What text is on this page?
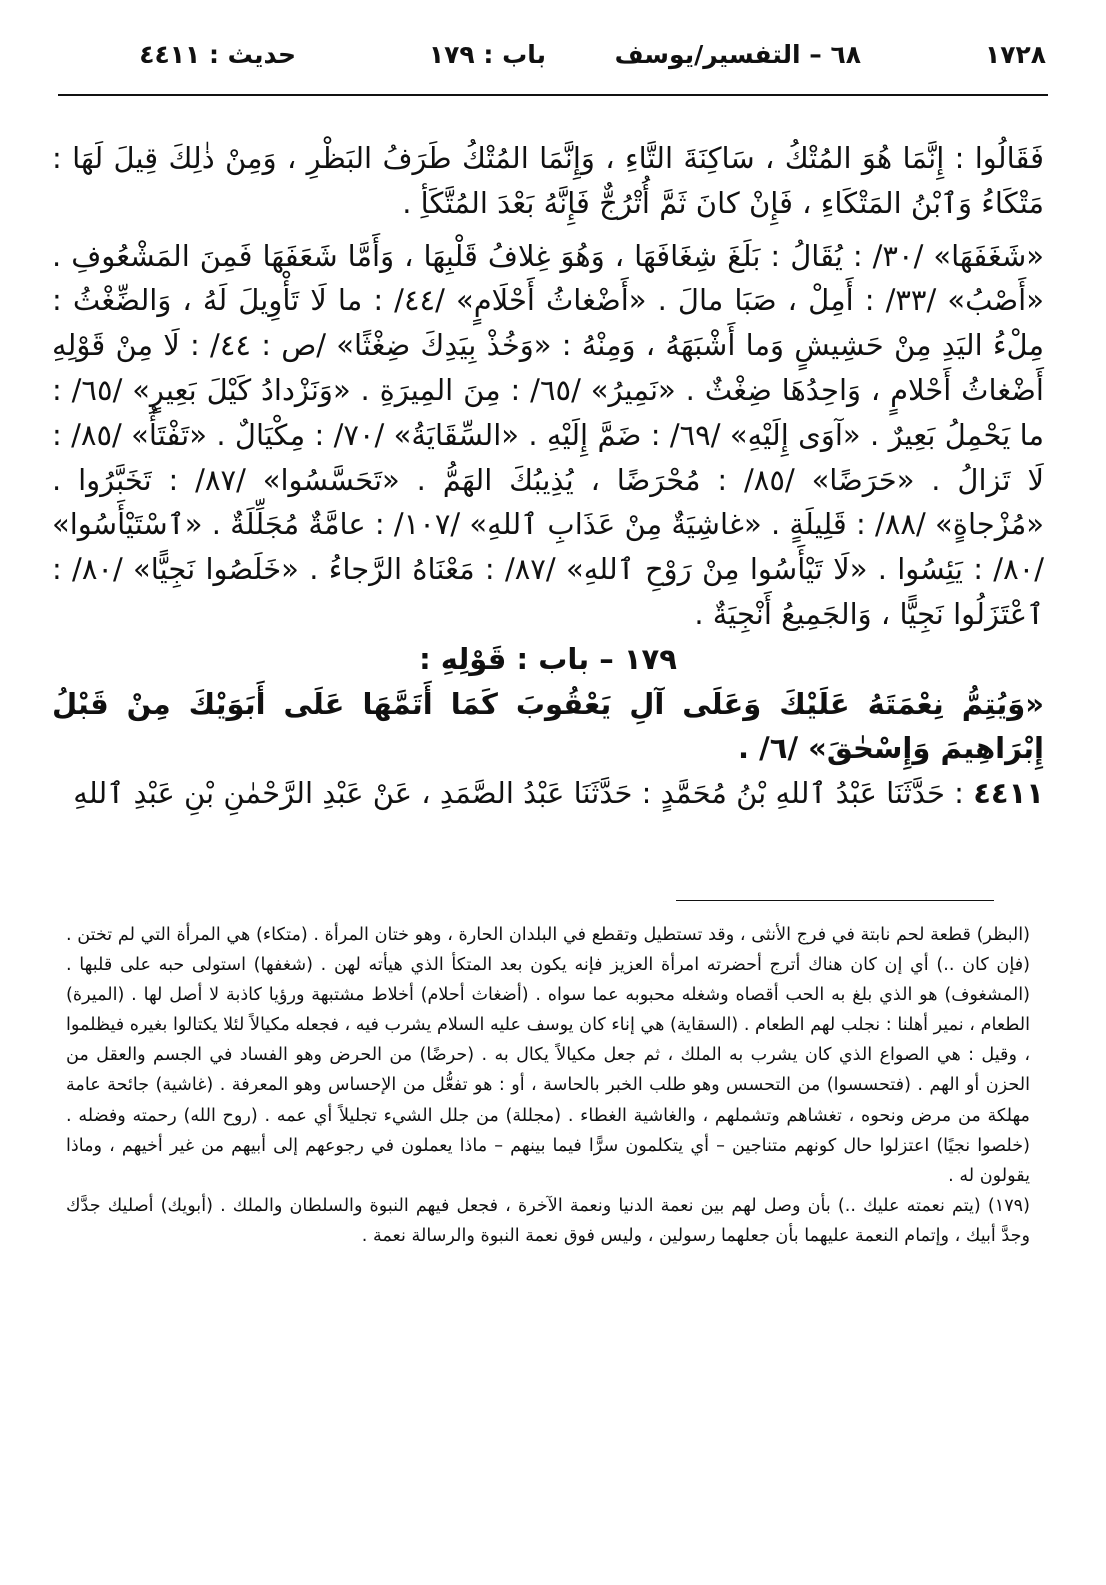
١٧٢٨
٦٨ – التفسير/يوسف
باب : ١٧٩
حديث : ٤٤١١

فَقَالُوا : إِنَّمَا هُوَ المُتْكُ ، سَاكِنَةَ التَّاءِ ، وَإِنَّمَا المُتْكُ طَرَفُ البَظْرِ ، وَمِنْ ذٰلِكَ قِيلَ لَهَا : مَتْكَاءُ وَٱبْنُ المَتْكَاءِ ، فَإِنْ كانَ ثَمَّ أُتْرُجٌّ فَإِنَّهُ بَعْدَ المُتَّكَأِ .

«شَغَفَهَا» /٣٠/ : يُقَالُ : بَلَغَ شِغَافَهَا ، وَهُوَ غِلافُ قَلْبِهَا ، وَأَمَّا شَعَفَهَا فَمِنَ المَشْعُوفِ . «أَصْبُ» /٣٣/ : أَمِلْ ، صَبَا مالَ . «أَضْغاثُ أَحْلَامٍ» /٤٤/ : ما لَا تَأْوِيلَ لَهُ ، وَالضِّغْثُ : مِلْءُ اليَدِ مِنْ حَشِيشٍ وَما أَشْبَهَهُ ، وَمِنْهُ : «وَخُذْ بِيَدِكَ ضِغْثًا» /ص : ٤٤/ : لَا مِنْ قَوْلِهِ أَضْغاثُ أَحْلامٍ ، وَاحِدُهَا ضِغْثٌ . «نَمِيرُ» /٦٥/ : مِنَ المِيرَةِ . «وَنَزْدادُ كَيْلَ بَعِيرٍ» /٦٥/ : ما يَحْمِلُ بَعِيرٌ . «آوَى إِلَيْهِ» /٦٩/ : ضَمَّ إِلَيْهِ . «السِّقَايَةُ» /٧٠/ : مِكْيَالٌ . «تَفْتَأُ» /٨٥/ : لَا تَزالُ . «حَرَضًا» /٨٥/ : مُحْرَضًا ، يُذِيبُكَ الهَمُّ . «تَحَسَّسُوا» /٨٧/ : تَخَبَّرُوا . «مُزْجاةٍ» /٨٨/ : قَلِيلَةٍ . «غاشِيَةٌ مِنْ عَذَابِ ٱللهِ» /١٠٧/ : عامَّةٌ مُجَلِّلَةٌ . «ٱسْتَيْأَسُوا» /٨٠/ : يَئِسُوا . «لَا تَيْأَسُوا مِنْ رَوْحِ ٱللهِ» /٨٧/ : مَعْنَاهُ الرَّجاءُ . «خَلَصُوا نَجِيًّا» /٨٠/ : ٱعْتَزَلُوا نَجِيًّا ، وَالجَمِيعُ أَنْجِيَةٌ .

١٧٩ – باب : قَوْلِهِ :

«وَيُتِمُّ نِعْمَتَهُ عَلَيْكَ وَعَلَى آلِ يَعْقُوبَ كَمَا أَتَمَّهَا عَلَى أَبَوَيْكَ مِنْ قَبْلُ إِبْرَاهِيمَ وَإِسْحٰقَ» /٦/ .

٤٤١١ : حَدَّثَنَا عَبْدُ ٱللهِ بْنُ مُحَمَّدٍ : حَدَّثَنَا عَبْدُ الصَّمَدِ ، عَنْ عَبْدِ الرَّحْمٰنِ بْنِ عَبْدِ ٱللهِ

(البظر) قطعة لحم نابتة في فرج الأنثى ، وقد تستطيل وتقطع في البلدان الحارة ، وهو ختان المرأة . (متكاء) هي المرأة التي لم تختن . (فإن كان ..) أي إن كان هناك أترج أحضرته امرأة العزيز فإنه يكون بعد المتكأ الذي هيأته لهن . (شغفها) استولى حبه على قلبها . (المشغوف) هو الذي بلغ به الحب أقصاه وشغله محبوبه عما سواه . (أضغاث أحلام) أخلاط مشتبهة ورؤيا كاذبة لا أصل لها . (الميرة) الطعام ، نمير أهلنا : نجلب لهم الطعام . (السقاية) هي إناء كان يوسف عليه السلام يشرب فيه ، فجعله مكيالاً لئلا يكتالوا بغيره فيظلموا ، وقيل : هي الصواع الذي كان يشرب به الملك ، ثم جعل مكيالاً يكال به . (حرضًا) من الحرض وهو الفساد في الجسم والعقل من الحزن أو الهم . (فتحسسوا) من التحسس وهو طلب الخبر بالحاسة ، أو : هو تفعُّل من الإحساس وهو المعرفة . (غاشية) جائحة عامة مهلكة من مرض ونحوه ، تغشاهم وتشملهم ، والغاشية الغطاء . (مجللة) من جلل الشيء تجليلاً أي عمه . (روح الله) رحمته وفضله . (خلصوا نجيًا) اعتزلوا حال كونهم متناجين – أي يتكلمون سرًّا فيما بينهم – ماذا يعملون في رجوعهم إلى أبيهم من غير أخيهم ، وماذا يقولون له .

(١٧٩) (يتم نعمته عليك ..) بأن وصل لهم بين نعمة الدنيا ونعمة الآخرة ، فجعل فيهم النبوة والسلطان والملك . (أبويك) أصليك جدَّك وجدَّ أبيك ، وإتمام النعمة عليهما بأن جعلهما رسولين ، وليس فوق نعمة النبوة والرسالة نعمة .
